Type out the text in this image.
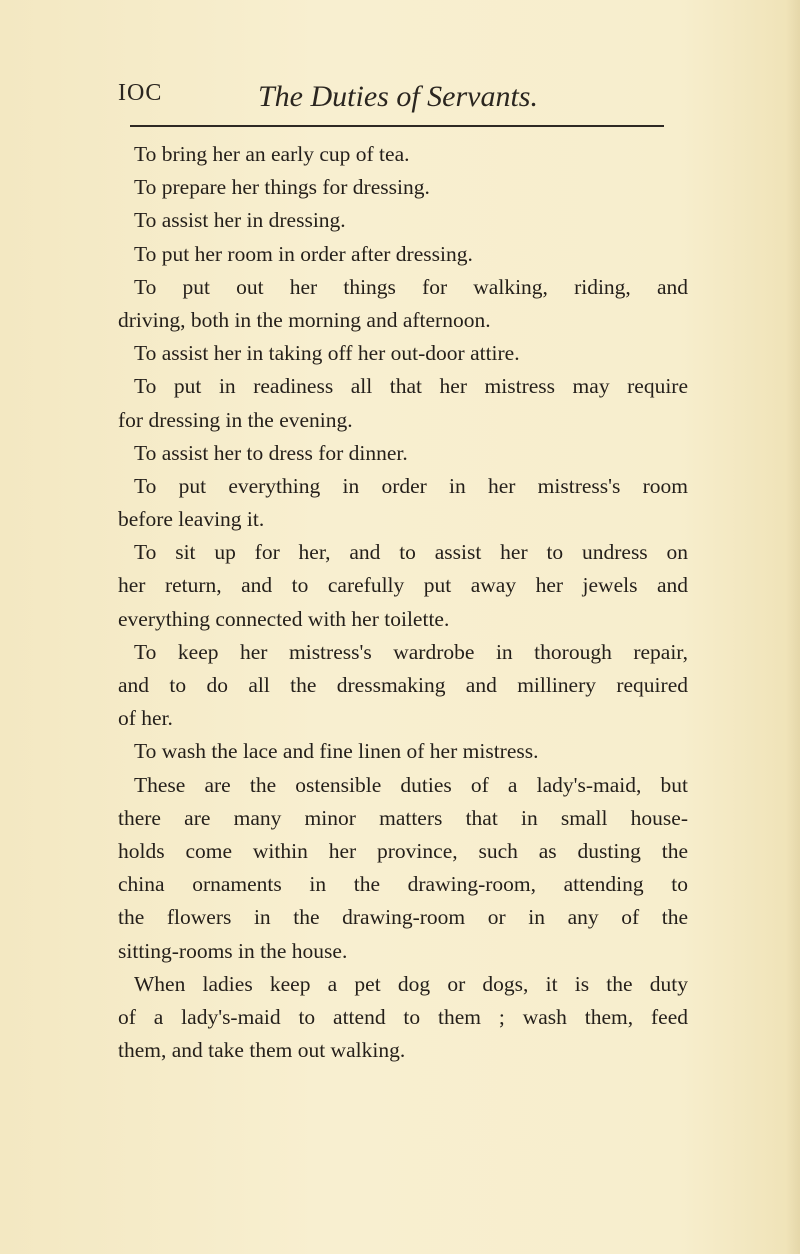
IOC	The Duties of Servants.
To bring her an early cup of tea.
To prepare her things for dressing.
To assist her in dressing.
To put her room in order after dressing.
To put out her things for walking, riding, and
driving, both in the morning and afternoon.
To assist her in taking off her out-door attire.
To put in readiness all that her mistress may require
for dressing in the evening.
To assist her to dress for dinner.
To put everything in order in her mistress's room
before leaving it.
To sit up for her, and to assist her to undress on
her return, and to carefully put away her jewels and
everything connected with her toilette.
To keep her mistress's wardrobe in thorough repair,
and to do all the dressmaking and millinery required
of her.
To wash the lace and fine linen of her mistress.
These are the ostensible duties of a lady's-maid, but
there are many minor matters that in small house-
holds come within her province, such as dusting the
china ornaments in the drawing-room, attending to
the flowers in the drawing-room or in any of the
sitting-rooms in the house.
When ladies keep a pet dog or dogs, it is the duty
of a lady's-maid to attend to them ; wash them, feed
them, and take them out walking.
